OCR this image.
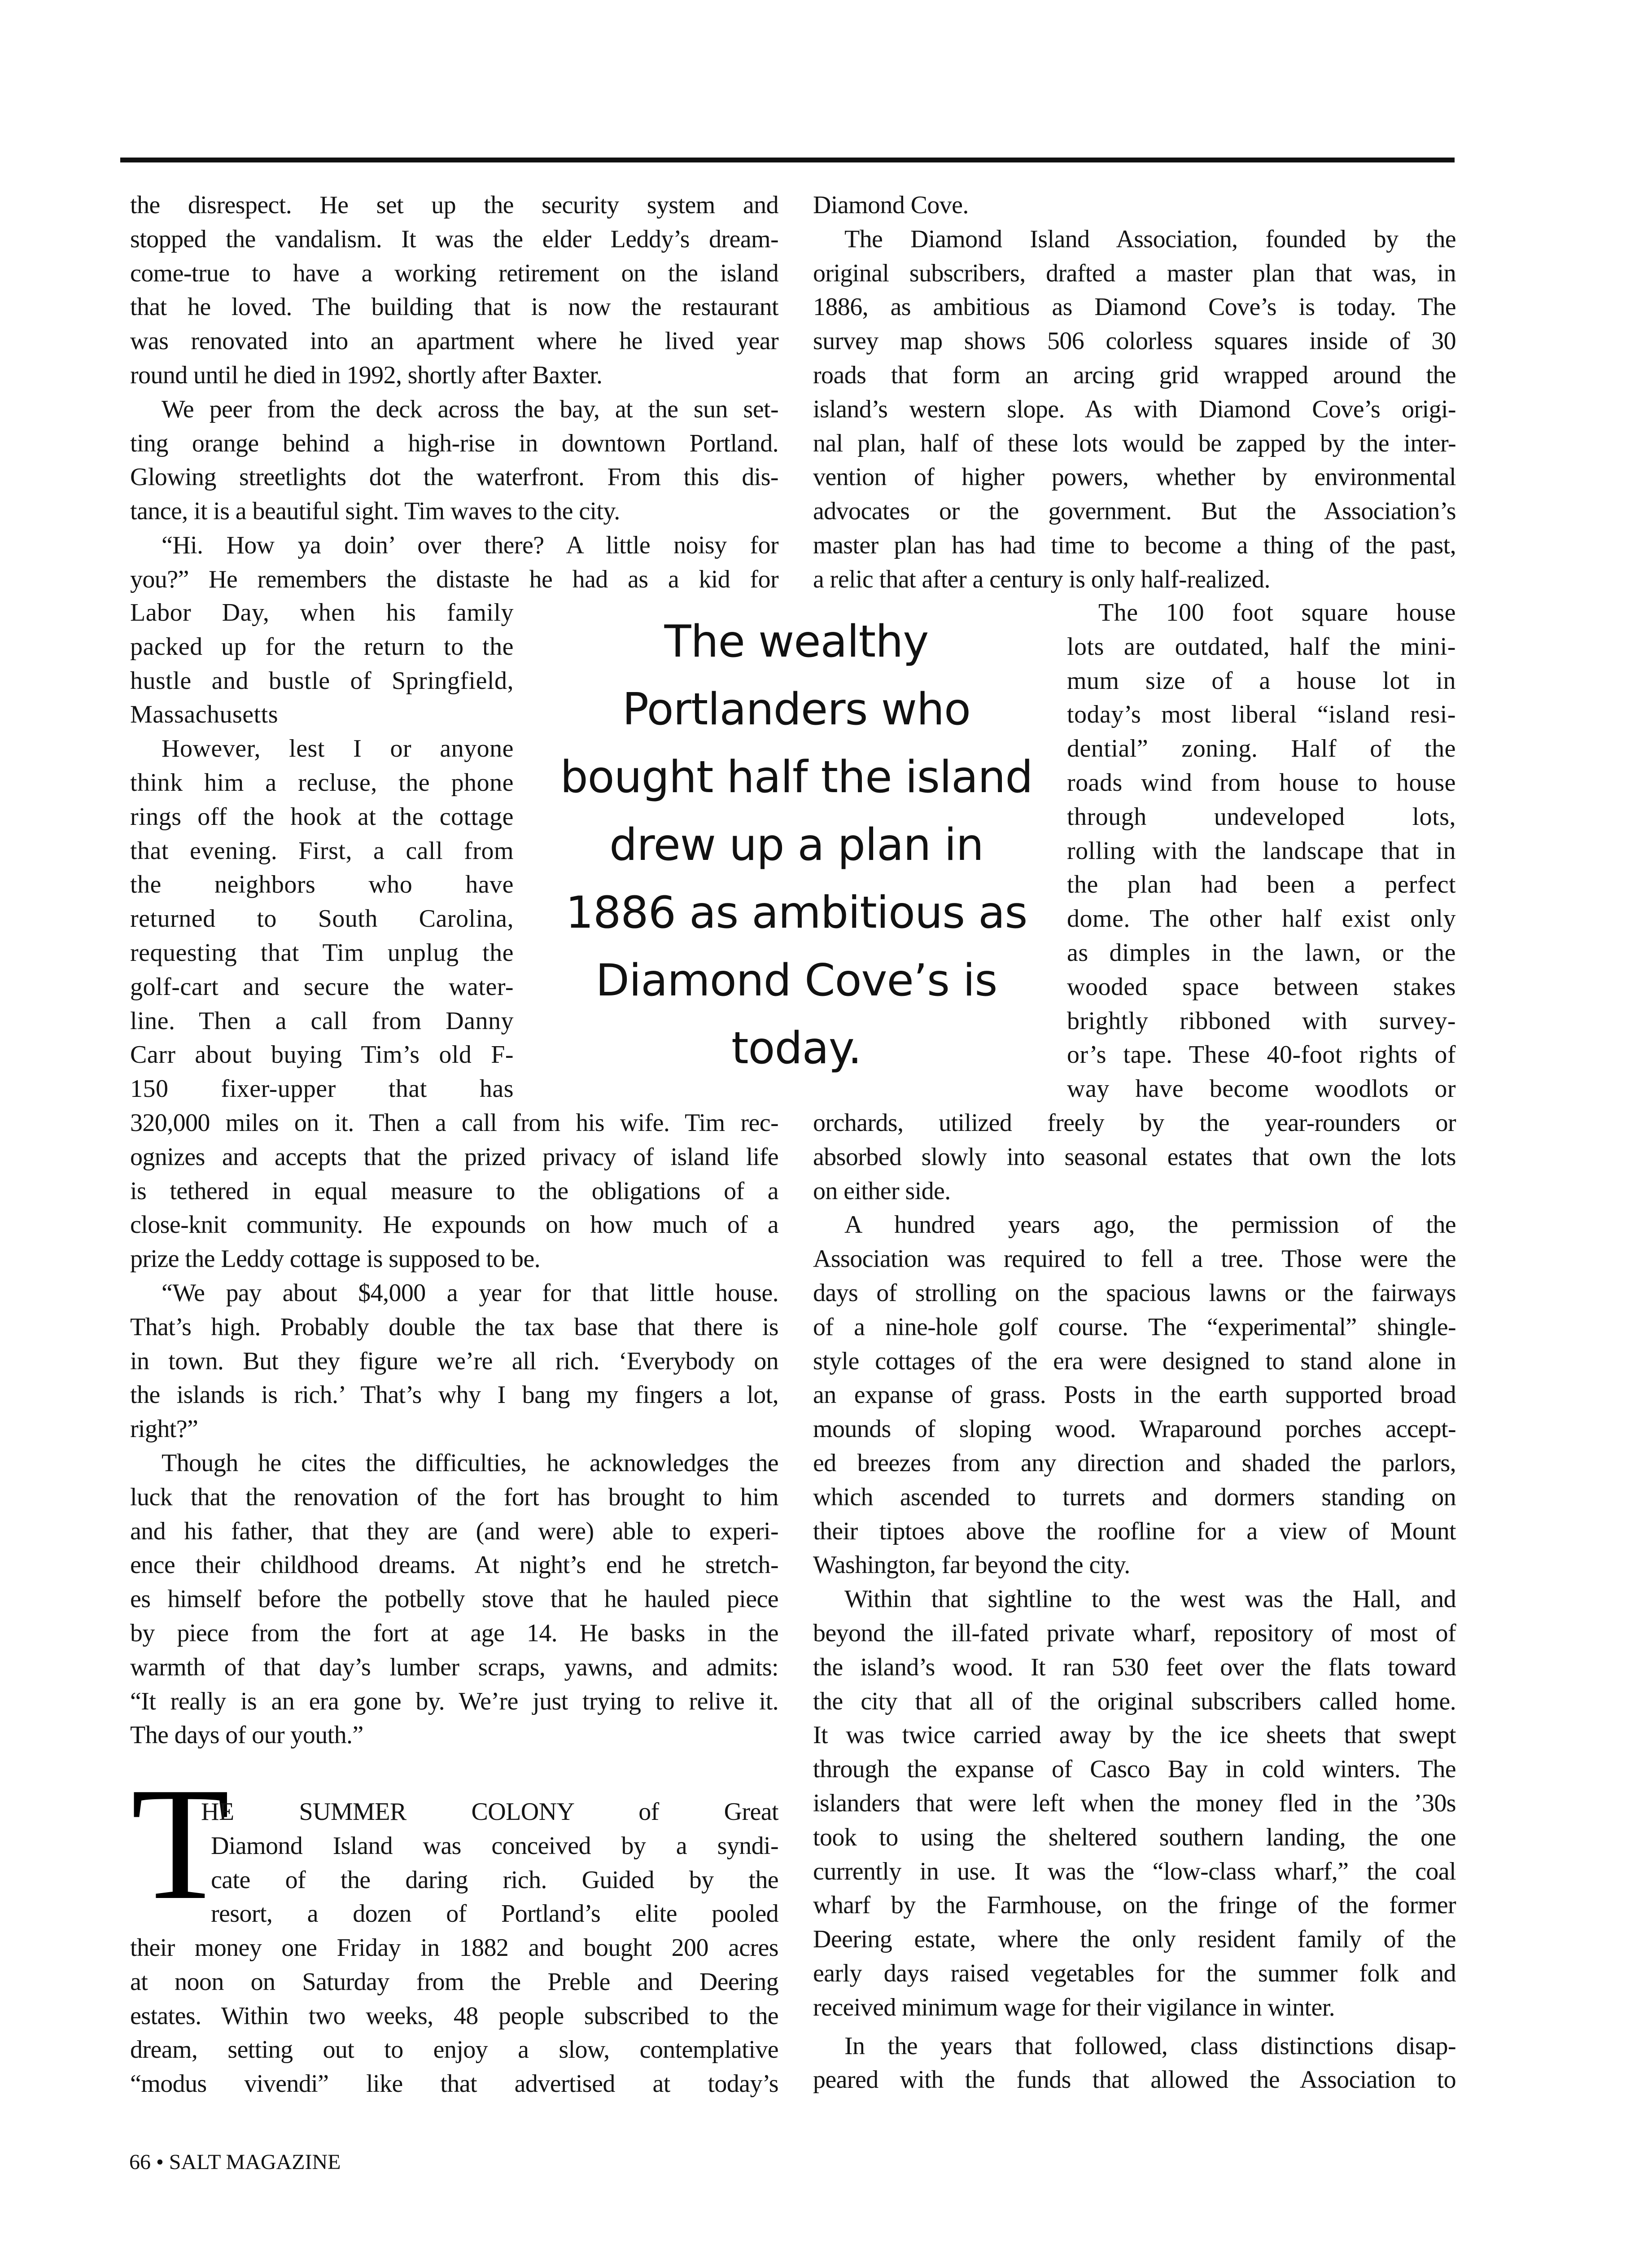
the disrespect. He set up the security system and
stopped the vandalism. It was the elder Leddy’s dream-
come-true to have a working retirement on the island
that he loved. The building that is now the restaurant
was renovated into an apartment where he lived year
round until he died in 1992, shortly after Baxter.
We peer from the deck across the bay, at the sun set-
ting orange behind a high-rise in downtown Portland.
Glowing streetlights dot the waterfront. From this dis-
tance, it is a beautiful sight. Tim waves to the city.
“Hi. How ya doin’ over there? A little noisy for
you?” He remembers the distaste he had as a kid for
Labor Day, when his family
packed up for the return to the
hustle and bustle of Springfield,
Massachusetts
However, lest I or anyone
think him a recluse, the phone
rings off the hook at the cottage
that evening. First, a call from
the neighbors who have
returned to South Carolina,
requesting that Tim unplug the
golf-cart and secure the water-
line. Then a call from Danny
Carr about buying Tim’s old F-
150 fixer-upper that has
320,000 miles on it. Then a call from his wife. Tim rec-
ognizes and accepts that the prized privacy of island life
is tethered in equal measure to the obligations of a
close-knit community. He expounds on how much of a
prize the Leddy cottage is supposed to be.
“We pay about $4,000 a year for that little house.
That’s high. Probably double the tax base that there is
in town. But they figure we’re all rich. ‘Everybody on
the islands is rich.’ That’s why I bang my fingers a lot,
right?”
Though he cites the difficulties, he acknowledges the
luck that the renovation of the fort has brought to him
and his father, that they are (and were) able to experi-
ence their childhood dreams. At night’s end he stretch-
es himself before the potbelly stove that he hauled piece
by piece from the fort at age 14. He basks in the
warmth of that day’s lumber scraps, yawns, and admits:
“It really is an era gone by. We’re just trying to relive it.
The days of our youth.”
T
HE SUMMER COLONY of Great
Diamond Island was conceived by a syndi-
cate of the daring rich. Guided by the
resort, a dozen of Portland’s elite pooled
their money one Friday in 1882 and bought 200 acres
at noon on Saturday from the Preble and Deering
estates. Within two weeks, 48 people subscribed to the
dream, setting out to enjoy a slow, contemplative
“modus vivendi” like that advertised at today’s
The wealthy
Portlanders who
bought half the island
drew up a plan in
1886 as ambitious as
Diamond Cove’s is
today.
Diamond Cove.
The Diamond Island Association, founded by the
original subscribers, drafted a master plan that was, in
1886, as ambitious as Diamond Cove’s is today. The
survey map shows 506 colorless squares inside of 30
roads that form an arcing grid wrapped around the
island’s western slope. As with Diamond Cove’s origi-
nal plan, half of these lots would be zapped by the inter-
vention of higher powers, whether by environmental
advocates or the government. But the Association’s
master plan has had time to become a thing of the past,
a relic that after a century is only half-realized.
The 100 foot square house
lots are outdated, half the mini-
mum size of a house lot in
today’s most liberal “island resi-
dential” zoning. Half of the
roads wind from house to house
through undeveloped lots,
rolling with the landscape that in
the plan had been a perfect
dome. The other half exist only
as dimples in the lawn, or the
wooded space between stakes
brightly ribboned with survey-
or’s tape. These 40-foot rights of
way have become woodlots or
orchards, utilized freely by the year-rounders or
absorbed slowly into seasonal estates that own the lots
on either side.
A hundred years ago, the permission of the
Association was required to fell a tree. Those were the
days of strolling on the spacious lawns or the fairways
of a nine-hole golf course. The “experimental” shingle-
style cottages of the era were designed to stand alone in
an expanse of grass. Posts in the earth supported broad
mounds of sloping wood. Wraparound porches accept-
ed breezes from any direction and shaded the parlors,
which ascended to turrets and dormers standing on
their tiptoes above the roofline for a view of Mount
Washington, far beyond the city.
Within that sightline to the west was the Hall, and
beyond the ill-fated private wharf, repository of most of
the island’s wood. It ran 530 feet over the flats toward
the city that all of the original subscribers called home.
It was twice carried away by the ice sheets that swept
through the expanse of Casco Bay in cold winters. The
islanders that were left when the money fled in the ’30s
took to using the sheltered southern landing, the one
currently in use. It was the “low-class wharf,” the coal
wharf by the Farmhouse, on the fringe of the former
Deering estate, where the only resident family of the
early days raised vegetables for the summer folk and
received minimum wage for their vigilance in winter.
In the years that followed, class distinctions disap-
peared with the funds that allowed the Association to
66 • SALT MAGAZINE
